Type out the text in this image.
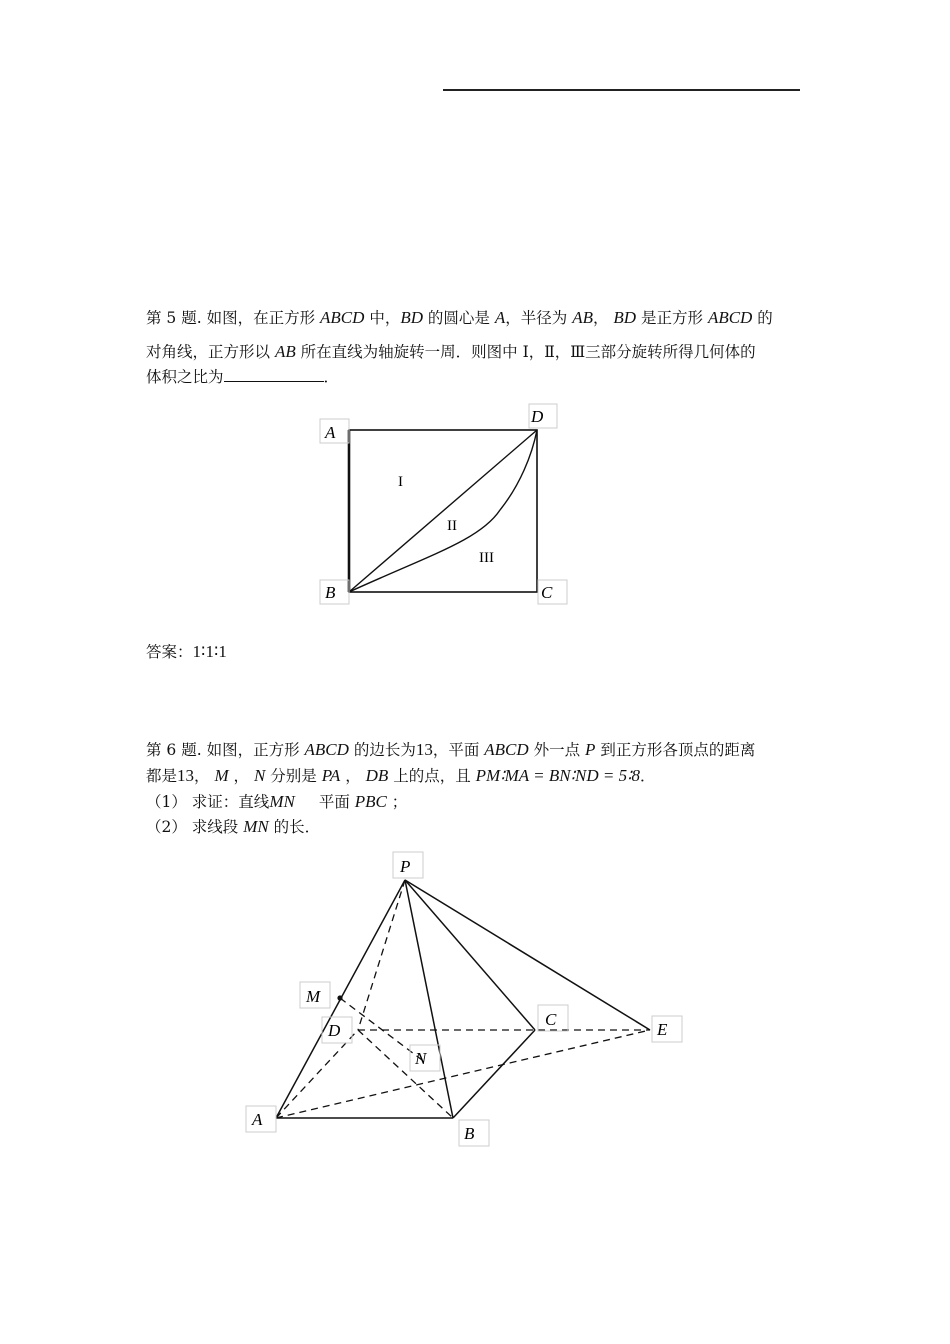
第 5 题. 如图，在正方形 ABCD 中，BD 的圆心是 A，半径为 AB， BD 是正方形 ABCD 的

对角线，正方形以 AB 所在直线为轴旋转一周．则图中 Ⅰ，Ⅱ，Ⅲ三部分旋转所得几何体的

体积之比为	．

A
D
B	C
I
II
III
P
M
D
C
E
N
A
B

答案：1∶1∶1

第 6 题. 如图，正方形 ABCD 的边长为13，平面 ABCD 外一点 P 到正方形各顶点的距离

都是13， M ， N 分别是 PA ， DB 上的点，且 PM∶MA = BN∶ND = 5∶8．

（1） 求证：直线MN 平面 PBC ；

（2） 求线段 MN 的长．
